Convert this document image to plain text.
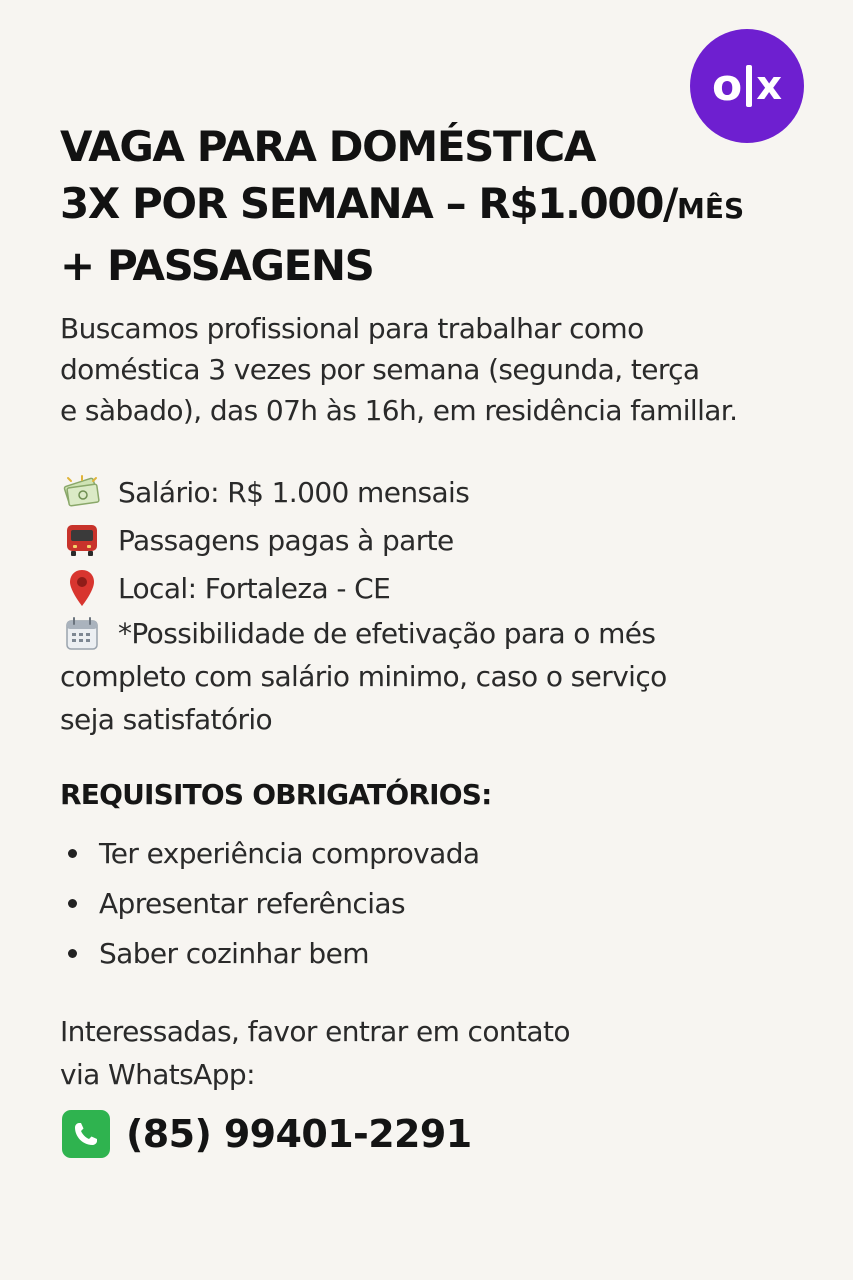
o x
VAGA PARA DOMÉSTICA
3X POR SEMANA – R$1.000/MÊS
+ PASSAGENS

Buscamos profissional para trabalhar como
doméstica 3 vezes por semana (segunda, terça
e sàbado), das 07h às 16h, em residência famillar.

Salário: R$ 1.000 mensais
Passagens pagas à parte
Local: Fortaleza - CE
*Possibilidade de efetivação para o més
completo com salário minimo, caso o serviço
seja satisfatório
REQUISITOS OBRIGATÓRIOS:
Ter experiência comprovada
Apresentar referências
Saber cozinhar bem

Interessadas, favor entrar em contato
via WhatsApp:

(85) 99401-2291
